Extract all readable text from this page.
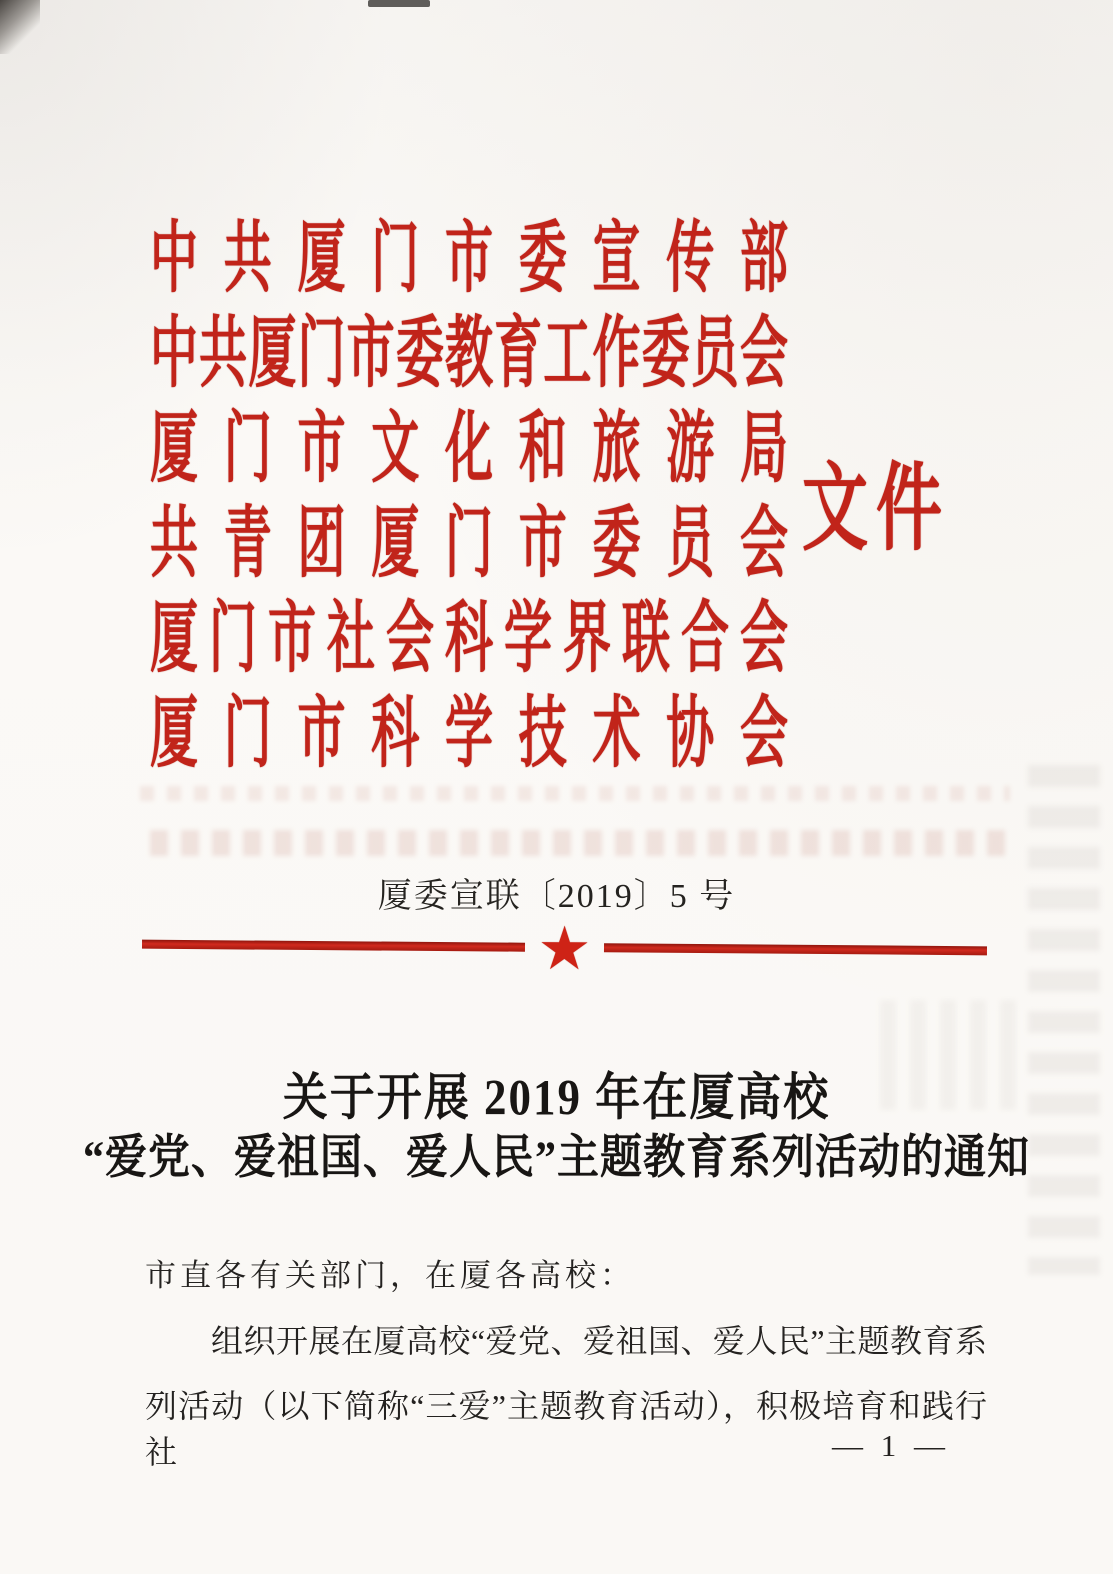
中共厦门市委宣传部
中共厦门市委教育工作委员会
厦门市文化和旅游局
共青团厦门市委员会
厦门市社会科学界联合会
厦门市科学技术协会
文件
厦委宣联〔2019〕5 号
★
关于开展 2019 年在厦高校
“爱党、爱祖国、爱人民”主题教育系列活动的通知
市直各有关部门，在厦各高校：
组织开展在厦高校“爱党、爱祖国、爱人民”主题教育系
列活动（以下简称“三爱”主题教育活动），积极培育和践行社	— 1 —
